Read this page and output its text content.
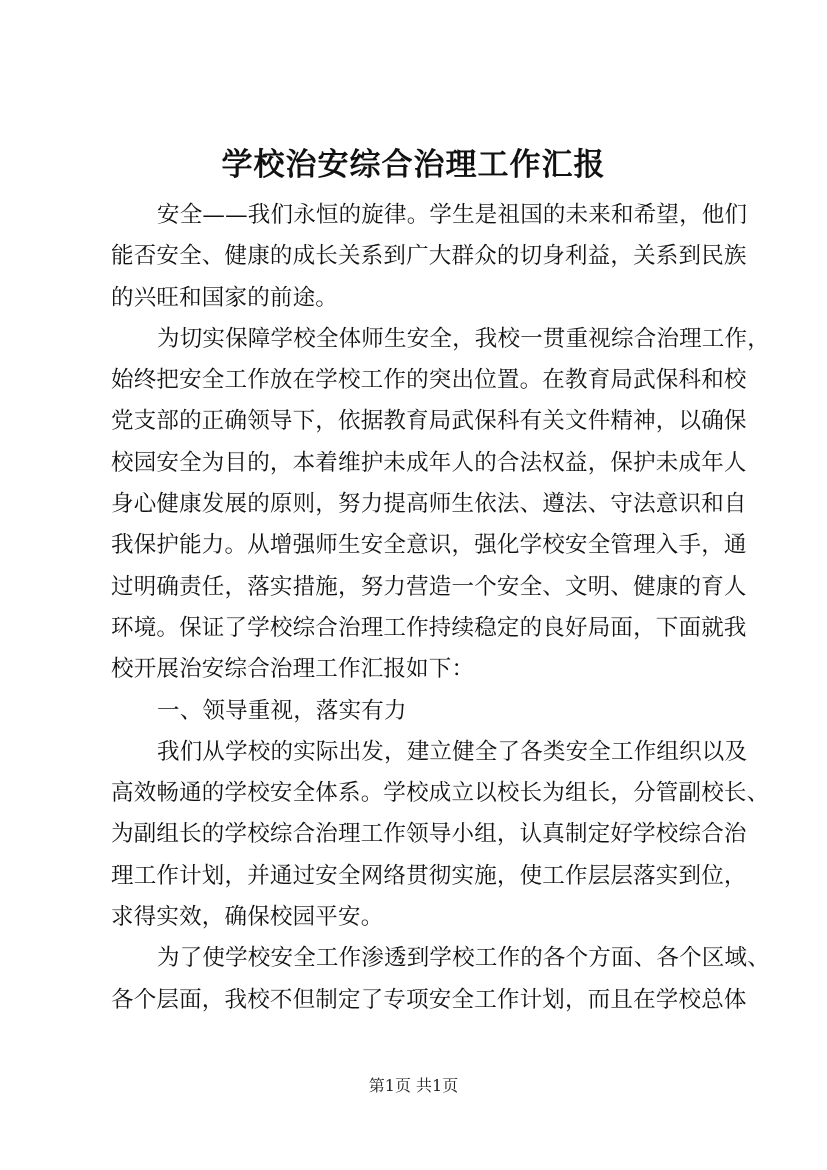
学校治安综合治理工作汇报
安全——我们永恒的旋律。学生是祖国的未来和希望，他们
能否安全、健康的成长关系到广大群众的切身利益，关系到民族
的兴旺和国家的前途。
为切实保障学校全体师生安全，我校一贯重视综合治理工作，
始终把安全工作放在学校工作的突出位置。在教育局武保科和校
党支部的正确领导下，依据教育局武保科有关文件精神，以确保
校园安全为目的，本着维护未成年人的合法权益，保护未成年人
身心健康发展的原则，努力提高师生依法、遵法、守法意识和自
我保护能力。从增强师生安全意识，强化学校安全管理入手，通
过明确责任，落实措施，努力营造一个安全、文明、健康的育人
环境。保证了学校综合治理工作持续稳定的良好局面，下面就我
校开展治安综合治理工作汇报如下：
一、领导重视，落实有力
我们从学校的实际出发，建立健全了各类安全工作组织以及
高效畅通的学校安全体系。学校成立以校长为组长，分管副校长、
为副组长的学校综合治理工作领导小组，认真制定好学校综合治
理工作计划，并通过安全网络贯彻实施，使工作层层落实到位，
求得实效，确保校园平安。
为了使学校安全工作渗透到学校工作的各个方面、各个区域、
各个层面，我校不但制定了专项安全工作计划，而且在学校总体
第1页 共1页
